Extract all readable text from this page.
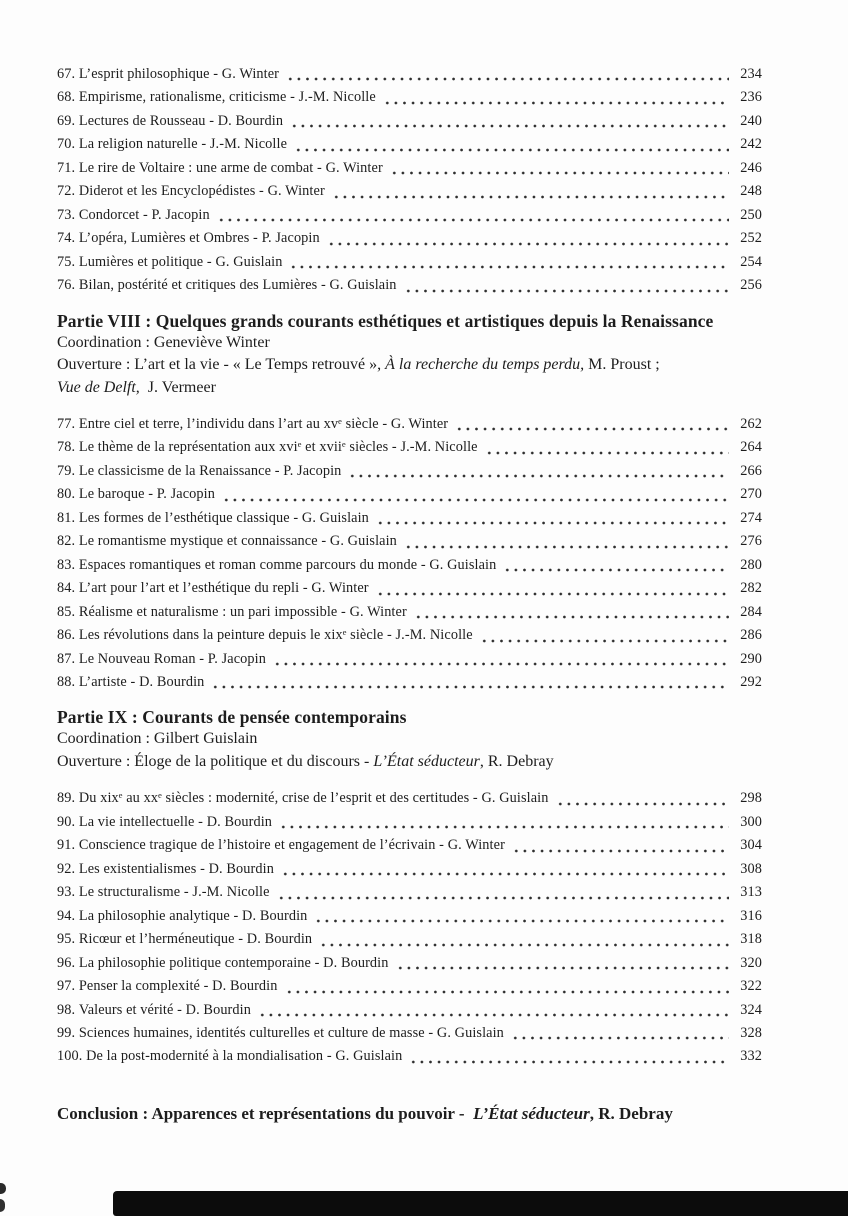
67. L’esprit philosophique - G. Winter	234
68. Empirisme, rationalisme, criticisme - J.-M. Nicolle	236
69. Lectures de Rousseau - D. Bourdin	240
70. La religion naturelle - J.-M. Nicolle	242
71. Le rire de Voltaire : une arme de combat - G. Winter	246
72. Diderot et les Encyclopédistes - G. Winter	248
73. Condorcet - P. Jacopin	250
74. L’opéra, Lumières et Ombres - P. Jacopin	252
75. Lumières et politique - G. Guislain	254
76. Bilan, postérité et critiques des Lumières - G. Guislain	256
Partie VIII : Quelques grands courants esthétiques et artistiques depuis la Renaissance
Coordination : Geneviève Winter
Ouverture : L’art et la vie - « Le Temps retrouvé », À la recherche du temps perdu, M. Proust ;
Vue de Delft,  J. Vermeer
77. Entre ciel et terre, l’individu dans l’art au xvᵉ siècle - G. Winter	262
78. Le thème de la représentation aux xviᵉ et xviiᵉ siècles - J.-M. Nicolle	264
79. Le classicisme de la Renaissance - P. Jacopin	266
80. Le baroque - P. Jacopin	270
81. Les formes de l’esthétique classique - G. Guislain	274
82. Le romantisme mystique et connaissance - G. Guislain	276
83. Espaces romantiques et roman comme parcours du monde - G. Guislain	280
84. L’art pour l’art et l’esthétique du repli - G. Winter	282
85. Réalisme et naturalisme : un pari impossible - G. Winter	284
86. Les révolutions dans la peinture depuis le xixᵉ siècle - J.-M. Nicolle	286
87. Le Nouveau Roman - P. Jacopin	290
88. L’artiste - D. Bourdin	292
Partie IX : Courants de pensée contemporains
Coordination : Gilbert Guislain
Ouverture : Éloge de la politique et du discours - L’État séducteur, R. Debray
89. Du xixᵉ au xxᵉ siècles : modernité, crise de l’esprit et des certitudes - G. Guislain	298
90. La vie intellectuelle - D. Bourdin	300
91. Conscience tragique de l’histoire et engagement de l’écrivain - G. Winter	304
92. Les existentialismes - D. Bourdin	308
93. Le structuralisme - J.-M. Nicolle	313
94. La philosophie analytique - D. Bourdin	316
95. Ricœur et l’herméneutique - D. Bourdin	318
96. La philosophie politique contemporaine - D. Bourdin	320
97. Penser la complexité - D. Bourdin	322
98. Valeurs et vérité - D. Bourdin	324
99. Sciences humaines, identités culturelles et culture de masse - G. Guislain	328
100. De la post-modernité à la mondialisation - G. Guislain	332
Conclusion : Apparences et représentations du pouvoir -  L’État séducteur, R. Debray
